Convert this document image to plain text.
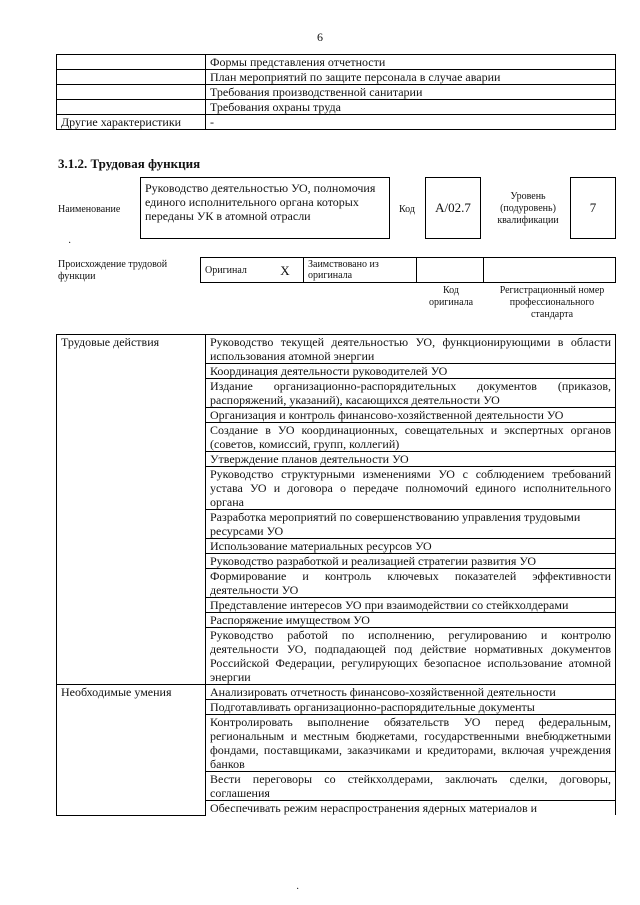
6
	Формы представления отчетности
	План мероприятий по защите персонала в случае аварии
	Требования производственной санитарии
	Требования охраны труда
Другие характеристики	-
3.1.2. Трудовая функция
Наименование
Руководство деятельностью УО, полномочия единого исполнительного органа которых переданы УК в атомной отрасли	Код	A/02.7
Уровень (подуровень) квалификации
7
·
Происхождение трудовой функции
Оригинал	X	Заимствовано из оригинала		
Код оригинала
Регистрационный номер профессионального стандарта
Трудовые действия	Руководство текущей деятельностью УО, функционирующими в области использования атомной энергии
	Координация деятельности руководителей УО
	Издание организационно-распорядительных документов (приказов, распоряжений, указаний), касающихся деятельности УО
	Организация и контроль финансово-хозяйственной деятельности УО
	Создание в УО координационных, совещательных и экспертных органов (советов, комиссий, групп, коллегий)
	Утверждение планов деятельности УО
	Руководство структурными изменениями УО с соблюдением требований устава УО и договора о передаче полномочий единого исполнительного органа
	Разработка мероприятий по совершенствованию управления трудовыми ресурсами УО
	Использование материальных ресурсов УО
	Руководство разработкой и реализацией стратегии развития УО
	Формирование и контроль ключевых показателей эффективности деятельности УО
	Представление интересов УО при взаимодействии со стейкхолдерами
	Распоряжение имуществом УО
	Руководство работой по исполнению, регулированию и контролю деятельности УО, подпадающей под действие нормативных документов Российской Федерации, регулирующих безопасное использование атомной энергии
Необходимые умения	Анализировать отчетность финансово-хозяйственной деятельности
	Подготавливать организационно-распорядительные документы
	Контролировать выполнение обязательств УО перед федеральным, региональным и местным бюджетами, государственными внебюджетными фондами, поставщиками, заказчиками и кредиторами, включая учреждения банков
	Вести переговоры со стейкхолдерами, заключать сделки, договоры, соглашения
	Обеспечивать режим нераспространения ядерных материалов и
·
